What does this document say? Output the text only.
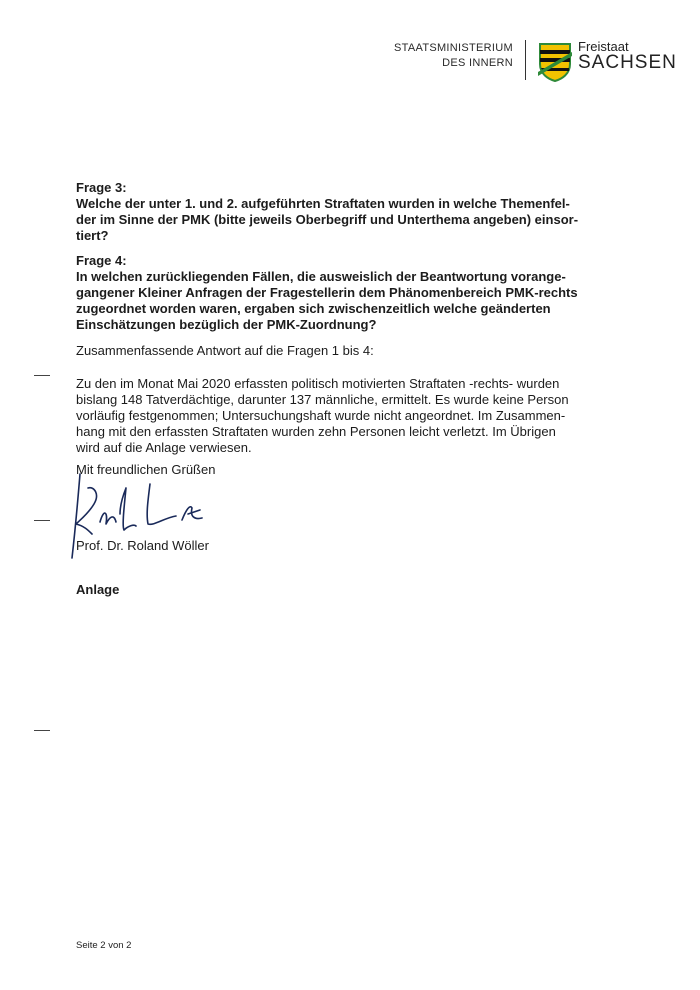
STAATSMINISTERIUM
DES INNERN
Freistaat
SACHSEN
Frage 3:
Welche der unter 1. und 2. aufgeführten Straftaten wurden in welche Themenfel-
der im Sinne der PMK (bitte jeweils Oberbegriff und Unterthema angeben) einsor-
tiert?
Frage 4:
In welchen zurückliegenden Fällen, die ausweislich der Beantwortung vorange-
gangener Kleiner Anfragen der Fragestellerin dem Phänomenbereich PMK-rechts
zugeordnet worden waren, ergaben sich zwischenzeitlich welche geänderten
Einschätzungen bezüglich der PMK-Zuordnung?
Zusammenfassende Antwort auf die Fragen 1 bis 4:
Zu den im Monat Mai 2020 erfassten politisch motivierten Straftaten -rechts- wurden
bislang 148 Tatverdächtige, darunter 137 männliche, ermittelt. Es wurde keine Person
vorläufig festgenommen; Untersuchungshaft wurde nicht angeordnet. Im Zusammen-
hang mit den erfassten Straftaten wurden zehn Personen leicht verletzt. Im Übrigen
wird auf die Anlage verwiesen.
Mit freundlichen Grüßen
Prof. Dr. Roland Wöller
Anlage
Seite 2 von 2
